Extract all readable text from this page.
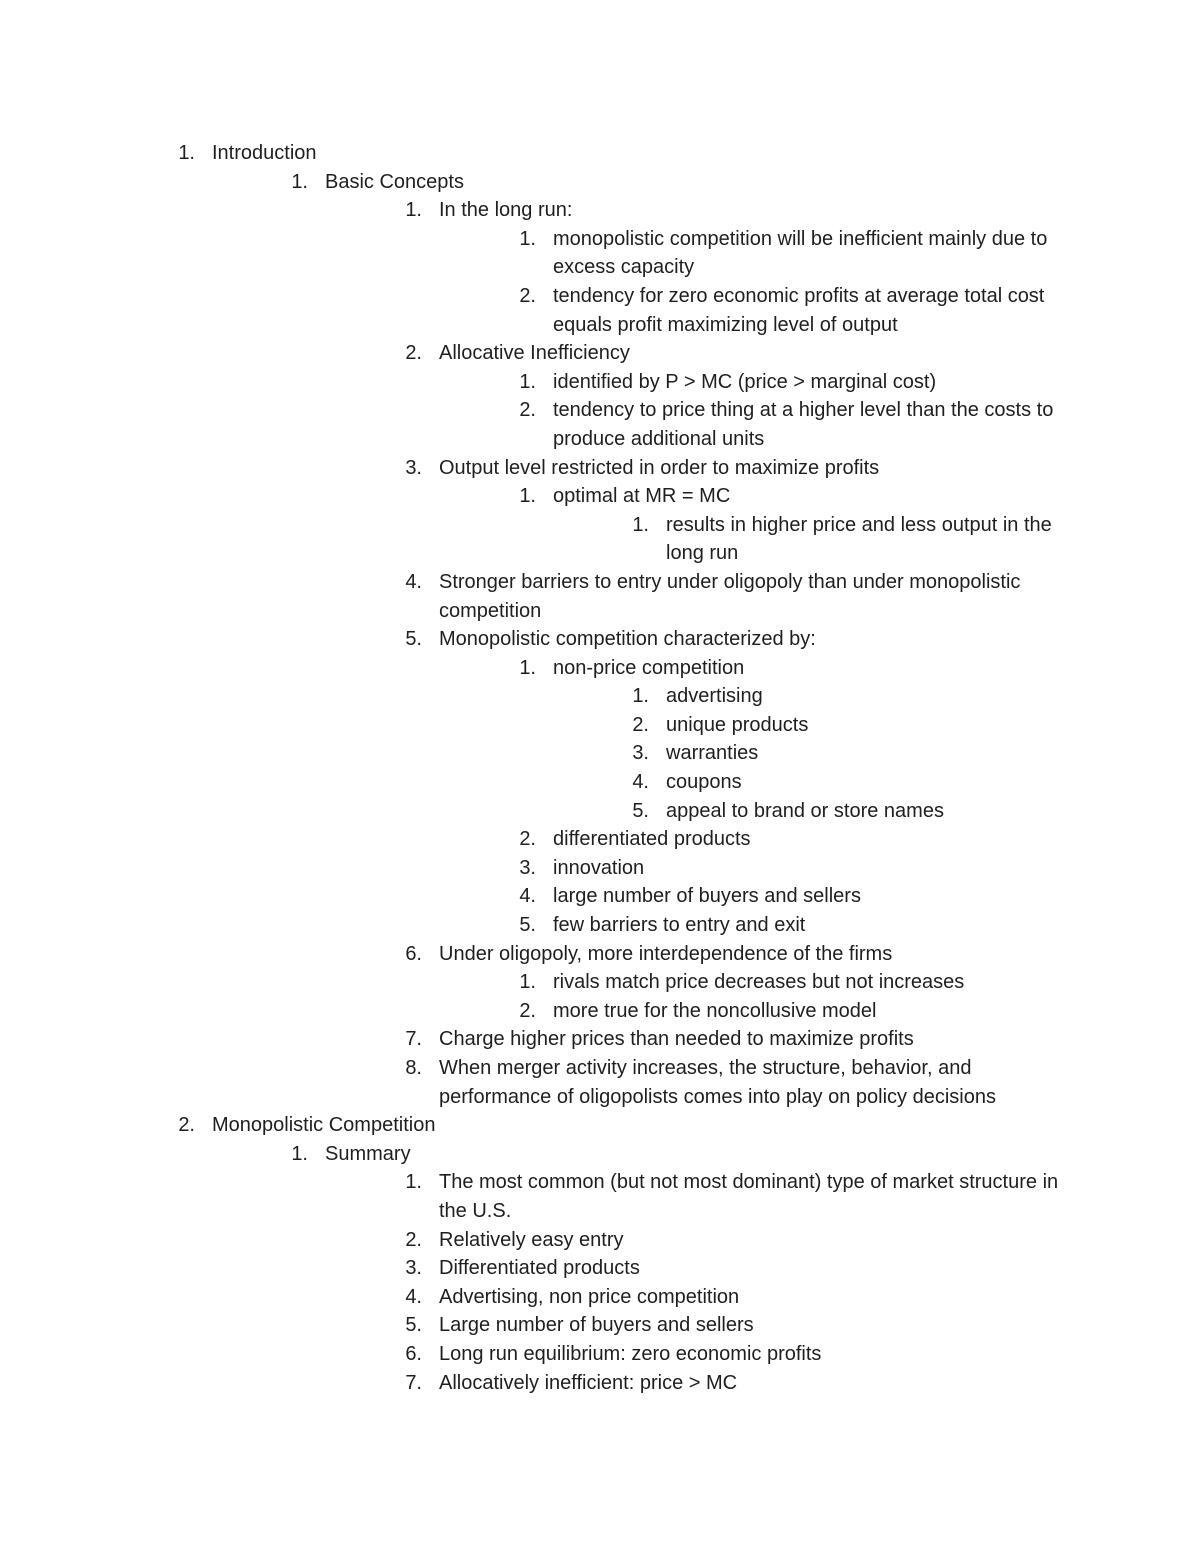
1. Introduction
1. Basic Concepts
1. In the long run:
1. monopolistic competition will be inefficient mainly due to excess capacity
2. tendency for zero economic profits at average total cost equals profit maximizing level of output
2. Allocative Inefficiency
1. identified by P > MC (price > marginal cost)
2. tendency to price thing at a higher level than the costs to produce additional units
3. Output level restricted in order to maximize profits
1. optimal at MR = MC
1. results in higher price and less output in the long run
4. Stronger barriers to entry under oligopoly than under monopolistic competition
5. Monopolistic competition characterized by:
1. non-price competition
1. advertising
2. unique products
3. warranties
4. coupons
5. appeal to brand or store names
2. differentiated products
3. innovation
4. large number of buyers and sellers
5. few barriers to entry and exit
6. Under oligopoly, more interdependence of the firms
1. rivals match price decreases but not increases
2. more true for the noncollusive model
7. Charge higher prices than needed to maximize profits
8. When merger activity increases, the structure, behavior, and performance of oligopolists comes into play on policy decisions
2. Monopolistic Competition
1. Summary
1. The most common (but not most dominant) type of market structure in the U.S.
2. Relatively easy entry
3. Differentiated products
4. Advertising, non price competition
5. Large number of buyers and sellers
6. Long run equilibrium: zero economic profits
7. Allocatively inefficient: price > MC
